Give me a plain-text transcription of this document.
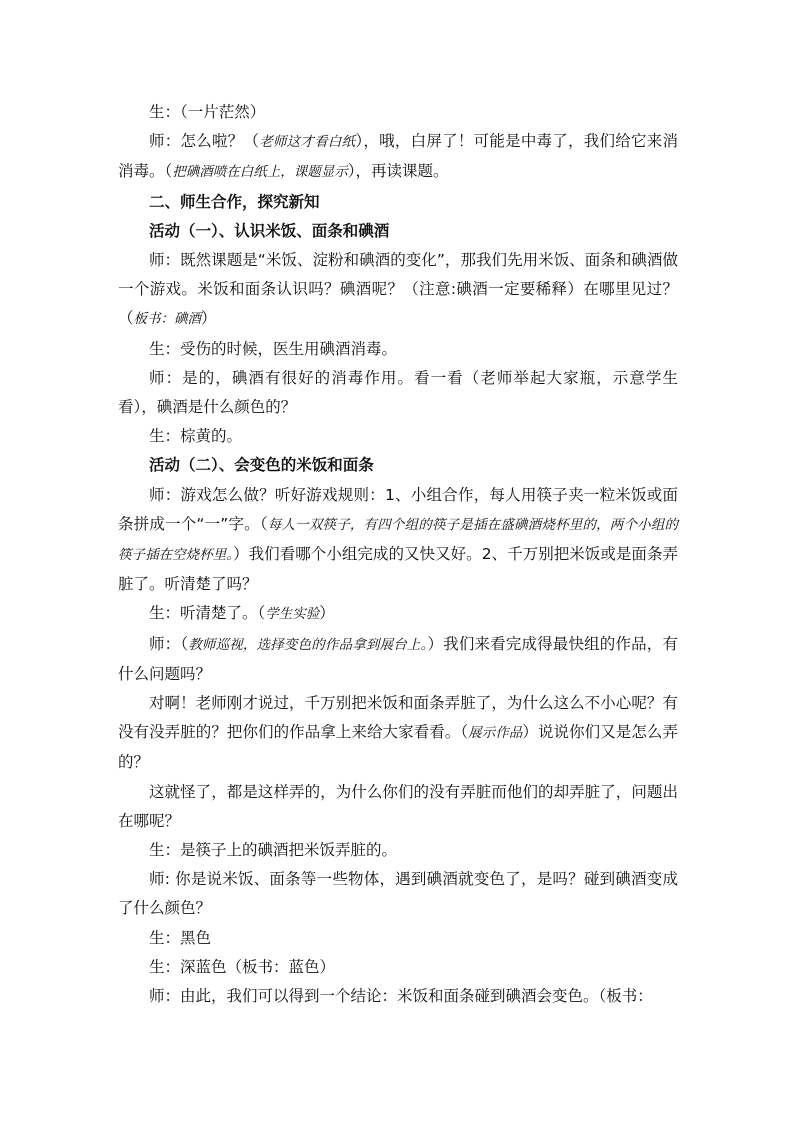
生：（一片茫然）

师：怎么啦？（老师这才看白纸），哦，白屏了！可能是中毒了，我们给它来消消毒。（把碘酒喷在白纸上，课题显示），再读课题。

二、师生合作，探究新知

活动（一）、认识米饭、面条和碘酒

师：既然课题是“米饭、淀粉和碘酒的变化”，那我们先用米饭、面条和碘酒做一个游戏。米饭和面条认识吗？碘酒呢？（注意:碘酒一定要稀释）在哪里见过？（板书：碘酒）

生：受伤的时候，医生用碘酒消毒。

师：是的，碘酒有很好的消毒作用。看一看（老师举起大家瓶，示意学生看），碘酒是什么颜色的？

生：棕黄的。

活动（二）、会变色的米饭和面条

师：游戏怎么做？听好游戏规则：1、小组合作，每人用筷子夹一粒米饭或面条拼成一个“一”字。（每人一双筷子，有四个组的筷子是插在盛碘酒烧杯里的，两个小组的筷子插在空烧杯里。）我们看哪个小组完成的又快又好。2、千万别把米饭或是面条弄脏了。听清楚了吗？

生：听清楚了。（学生实验）

师：（教师巡视，选择变色的作品拿到展台上。）我们来看完成得最快组的作品，有什么问题吗？

对啊！老师刚才说过，千万别把米饭和面条弄脏了，为什么这么不小心呢？有没有没弄脏的？把你们的作品拿上来给大家看看。（展示作品）说说你们又是怎么弄的？

这就怪了，都是这样弄的，为什么你们的没有弄脏而他们的却弄脏了，问题出在哪呢？

生：是筷子上的碘酒把米饭弄脏的。

师: 你是说米饭、面条等一些物体，遇到碘酒就变色了，是吗？碰到碘酒变成了什么颜色？

生：黑色

生：深蓝色（板书：蓝色）

师：由此，我们可以得到一个结论：米饭和面条碰到碘酒会变色。（板书：
